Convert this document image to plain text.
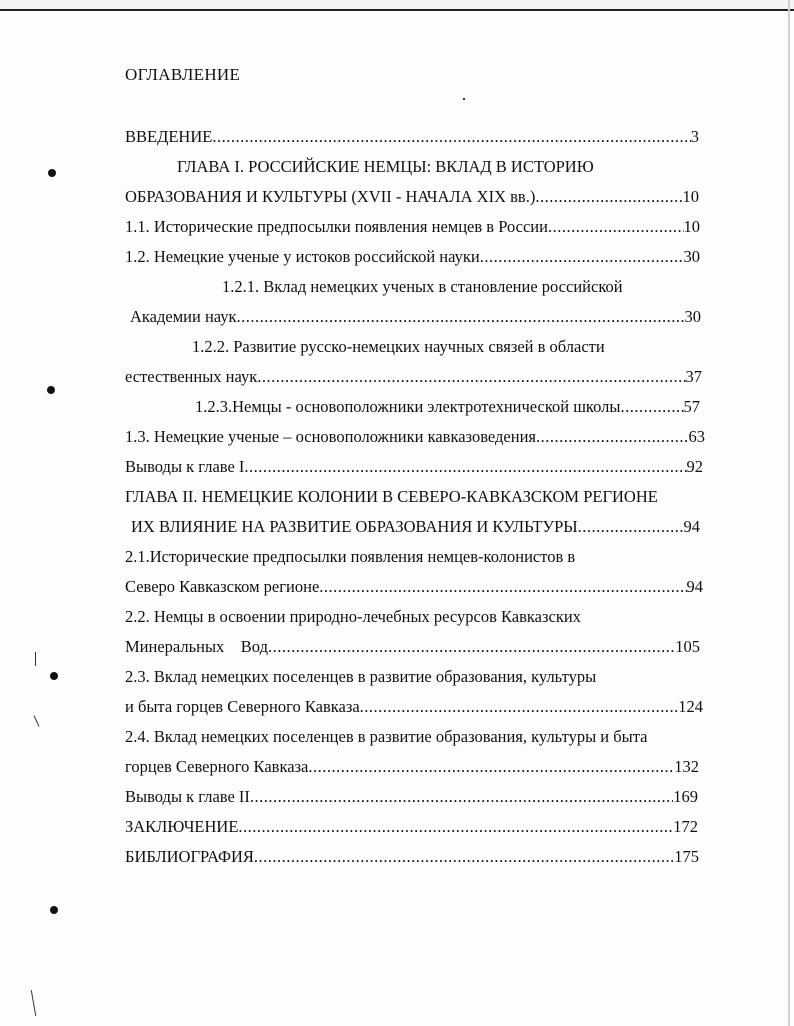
ОГЛАВЛЕНИЕ
ВВЕДЕНИЕ .....	3
ГЛАВА I. РОССИЙСКИЕ НЕМЦЫ: ВКЛАД В ИСТОРИЮ
ОБРАЗОВАНИЯ И КУЛЬТУРЫ (XVII - НАЧАЛА XIX вв.) .....	10
1.1. Исторические предпосылки появления немцев в России .....	10
1.2. Немецкие ученые у истоков российской науки .....	30
1.2.1. Вклад немецких ученых в становление российской
Академии наук .....	30
1.2.2. Развитие русско-немецких научных связей в области
естественных наук .....	37
1.2.3.Немцы - основоположники электротехнической школы .....	57
1.3. Немецкие ученые – основоположники кавказоведения .....	63
Выводы к главе I .....	92
ГЛАВА II. НЕМЕЦКИЕ КОЛОНИИ В СЕВЕРО-КАВКАЗСКОМ РЕГИОНЕ
ИХ ВЛИЯНИЕ НА РАЗВИТИЕ ОБРАЗОВАНИЯ И КУЛЬТУРЫ .....	94
2.1.Исторические предпосылки появления немцев-колонистов в
Северо Кавказском регионе .....	94
2.2. Немцы в освоении природно-лечебных ресурсов Кавказских
Минеральных    Вод .....	105
2.3. Вклад немецких поселенцев в развитие образования, культуры
и быта горцев Северного Кавказа .....	124
2.4. Вклад немецких поселенцев в развитие образования, культуры и быта
горцев Северного Кавказа .....	132
Выводы к главе II .....	169
ЗАКЛЮЧЕНИЕ .....	172
БИБЛИОГРАФИЯ .....	175
